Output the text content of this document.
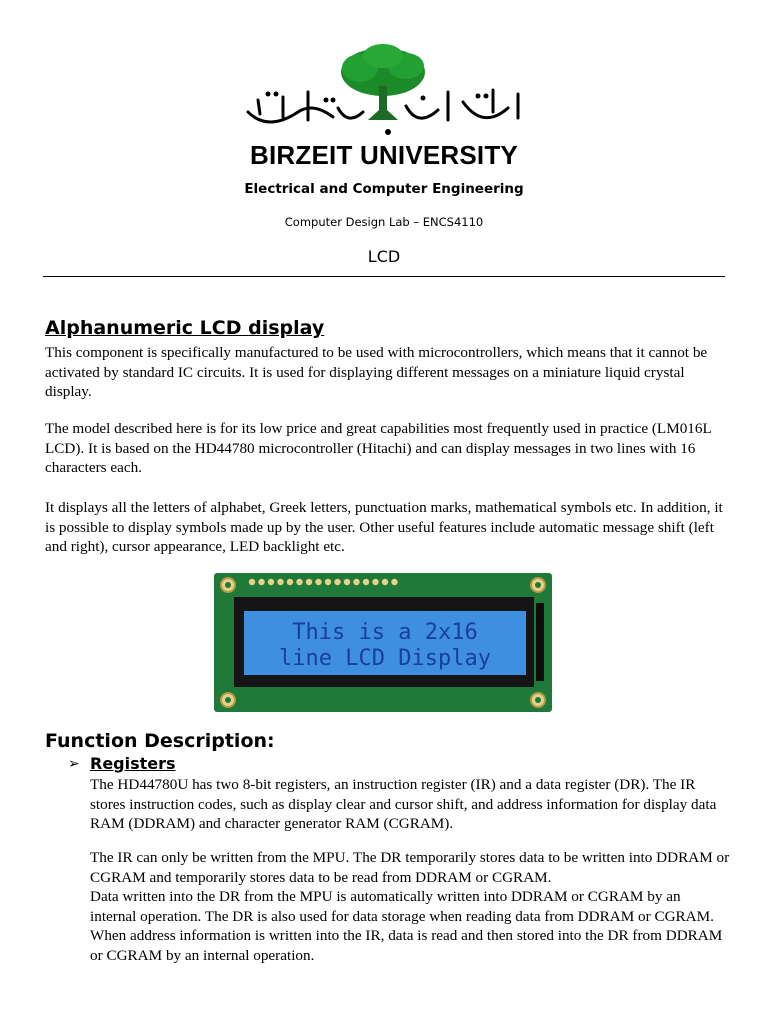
BIRZEIT UNIVERSITY
Electrical and Computer Engineering
Computer Design Lab – ENCS4110
LCD
Alphanumeric LCD display
This component is specifically manufactured to be used with microcontrollers, which means that it cannot be activated by standard IC circuits. It is used for displaying different messages on a miniature liquid crystal display.
The model described here is for its low price and great capabilities most frequently used in practice (LM016L LCD). It is based on the HD44780 microcontroller (Hitachi) and can display messages in two lines with 16 characters each.
It displays all the letters of alphabet, Greek letters, punctuation marks, mathematical symbols etc. In addition, it is possible to display symbols made up by the user. Other useful features include automatic message shift (left and right), cursor appearance, LED backlight etc.
This is a 2x16
line LCD Display
Function Description:
➢ Registers
The HD44780U has two 8-bit registers, an instruction register (IR) and a data register (DR). The IR stores instruction codes, such as display clear and cursor shift, and address information for display data RAM (DDRAM) and character generator RAM (CGRAM).
The IR can only be written from the MPU. The DR temporarily stores data to be written into DDRAM or CGRAM and temporarily stores data to be read from DDRAM or CGRAM.
Data written into the DR from the MPU is automatically written into DDRAM or CGRAM by an internal operation. The DR is also used for data storage when reading data from DDRAM or CGRAM. When address information is written into the IR, data is read and then stored into the DR from DDRAM or CGRAM by an internal operation.
